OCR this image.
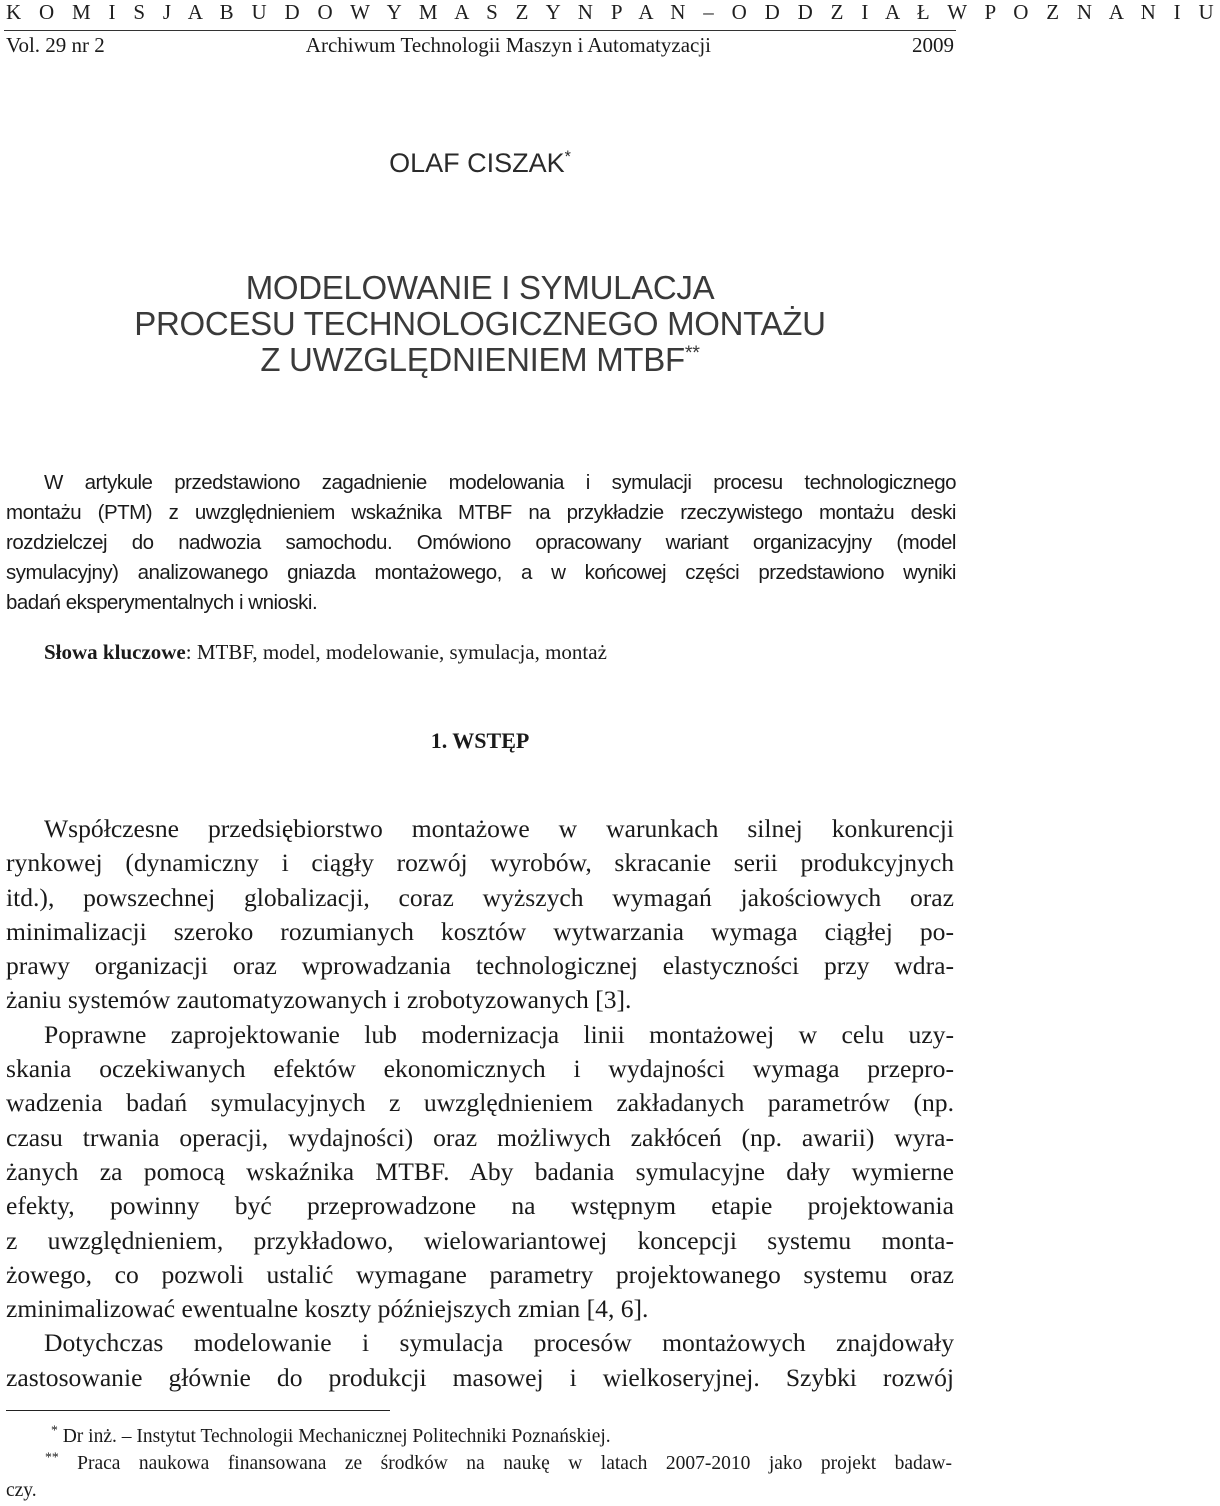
K O M I S J A B U D O W Y M A S Z Y N P A N – O D D Z I A Ł W P O Z N A N I U
Vol. 29 nr 2	Archiwum Technologii Maszyn i Automatyzacji	2009
OLAF CISZAK*
MODELOWANIE I SYMULACJA
PROCESU TECHNOLOGICZNEGO MONTAŻU
Z UWZGLĘDNIENIEM MTBF**
W artykule przedstawiono zagadnienie modelowania i symulacji procesu technologicznego
montażu (PTM) z uwzględnieniem wskaźnika MTBF na przykładzie rzeczywistego montażu deski
rozdzielczej do nadwozia samochodu. Omówiono opracowany wariant organizacyjny (model
symulacyjny) analizowanego gniazda montażowego, a w końcowej części przedstawiono wyniki
badań eksperymentalnych i wnioski.
Słowa kluczowe: MTBF, model, modelowanie, symulacja, montaż
1. WSTĘP
Współczesne przedsiębiorstwo montażowe w warunkach silnej konkurencji
rynkowej (dynamiczny i ciągły rozwój wyrobów, skracanie serii produkcyjnych
itd.), powszechnej globalizacji, coraz wyższych wymagań jakościowych oraz
minimalizacji szeroko rozumianych kosztów wytwarzania wymaga ciągłej po-
prawy organizacji oraz wprowadzania technologicznej elastyczności przy wdra-
żaniu systemów zautomatyzowanych i zrobotyzowanych [3].
Poprawne zaprojektowanie lub modernizacja linii montażowej w celu uzy-
skania oczekiwanych efektów ekonomicznych i wydajności wymaga przepro-
wadzenia badań symulacyjnych z uwzględnieniem zakładanych parametrów (np.
czasu trwania operacji, wydajności) oraz możliwych zakłóceń (np. awarii) wyra-
żanych za pomocą wskaźnika MTBF. Aby badania symulacyjne dały wymierne
efekty, powinny być przeprowadzone na wstępnym etapie projektowania
z uwzględnieniem, przykładowo, wielowariantowej koncepcji systemu monta-
żowego, co pozwoli ustalić wymagane parametry projektowanego systemu oraz
zminimalizować ewentualne koszty późniejszych zmian [4, 6].
Dotychczas modelowanie i symulacja procesów montażowych znajdowały
zastosowanie głównie do produkcji masowej i wielkoseryjnej. Szybki rozwój
* Dr inż. – Instytut Technologii Mechanicznej Politechniki Poznańskiej.
** Praca naukowa finansowana ze środków na naukę w latach 2007-2010 jako projekt badaw-
czy.
